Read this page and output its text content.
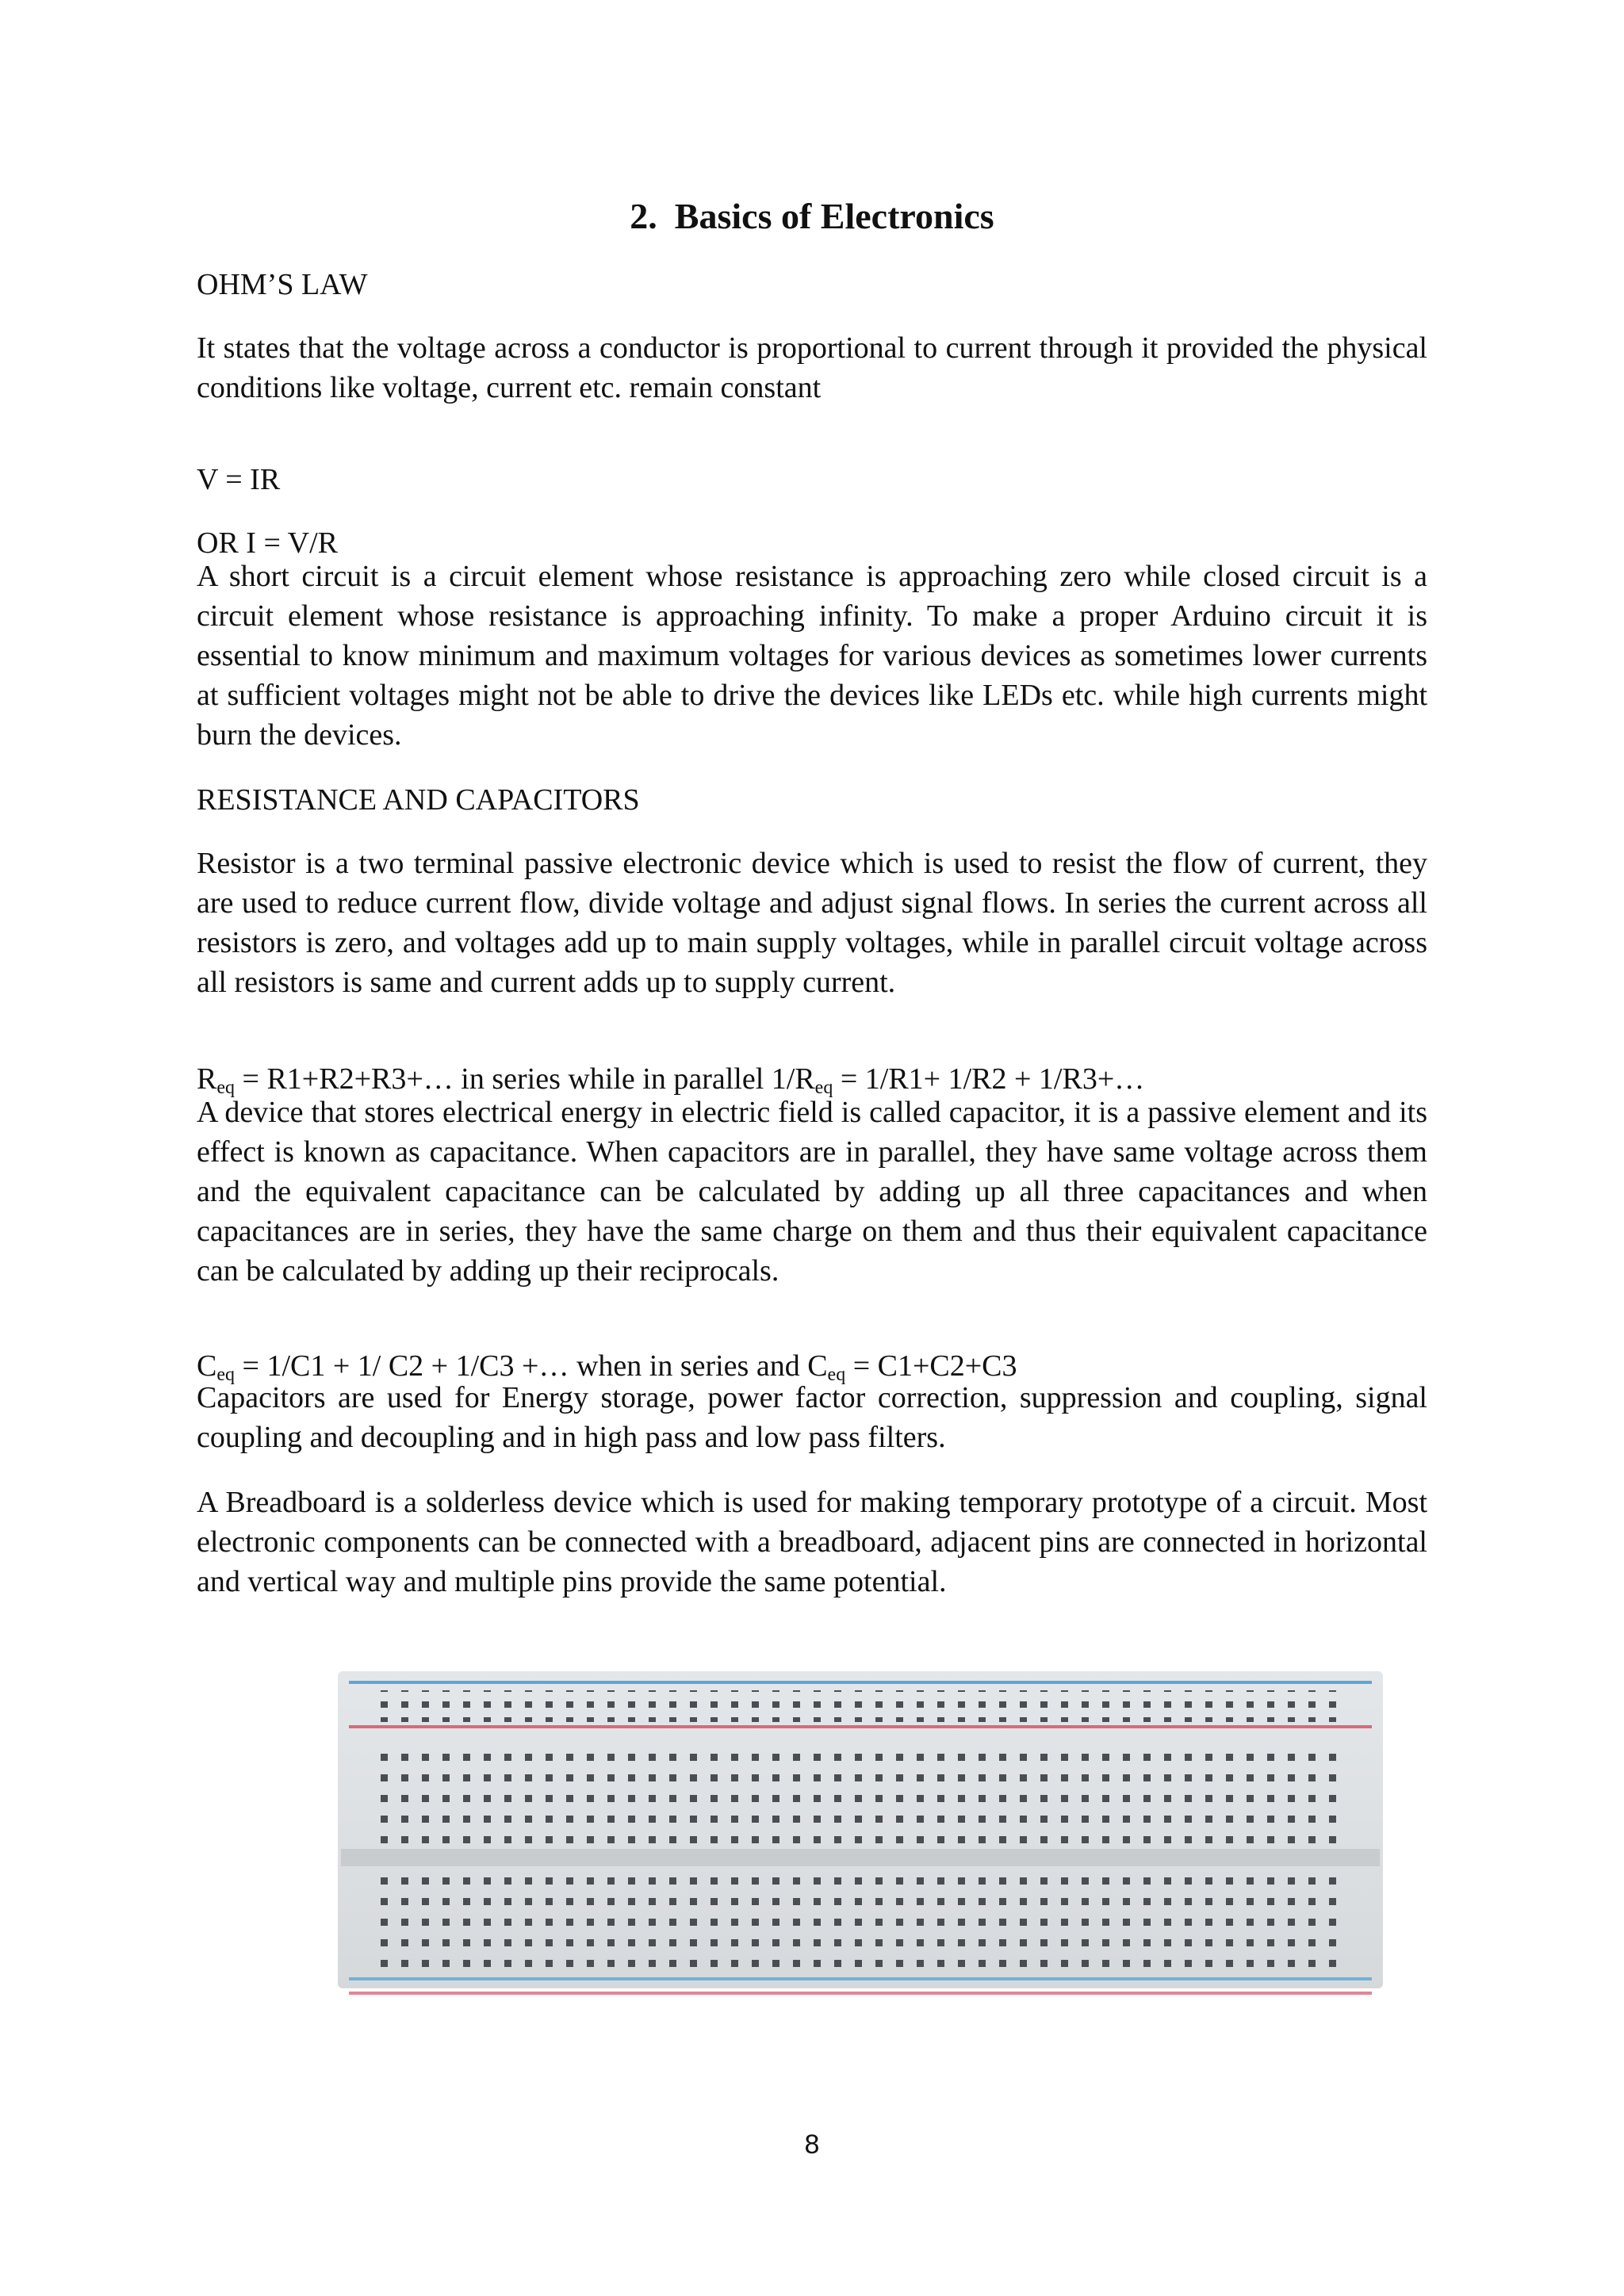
2. Basics of Electronics

OHM’S LAW

It states that the voltage across a conductor is proportional to current through it provided the physical conditions like voltage, current etc. remain constant

V = IR

OR I = V/R

A short circuit is a circuit element whose resistance is approaching zero while closed circuit is a circuit element whose resistance is approaching infinity. To make a proper Arduino circuit it is essential to know minimum and maximum voltages for various devices as sometimes lower currents at sufficient voltages might not be able to drive the devices like LEDs etc. while high currents might burn the devices.

RESISTANCE AND CAPACITORS

Resistor is a two terminal passive electronic device which is used to resist the flow of current, they are used to reduce current flow, divide voltage and adjust signal flows. In series the current across all resistors is zero, and voltages add up to main supply voltages, while in parallel circuit voltage across all resistors is same and current adds up to supply current.

$R_{eq}$ = R1+R2+R3+… in series while in parallel $1/R_{eq} = 1/R1+ 1/R2$ + 1/R3+…

A device that stores electrical energy in electric field is called capacitor, it is a passive element and its effect is known as capacitance. When capacitors are in parallel, they have same voltage across them and the equivalent capacitance can be calculated by adding up all three capacitances and when capacitances are in series, they have the same charge on them and thus their equivalent capacitance can be calculated by adding up their reciprocals.

$C_{eq} = 1/C1 + 1/$ C2 + 1/C3 +… when in series and $C_{eq} = C1+C2+C3$

Capacitors are used for Energy storage, power factor correction, suppression and coupling, signal coupling and decoupling and in high pass and low pass filters.

A Breadboard is a solderless device which is used for making temporary prototype of a circuit. Most electronic components can be connected with a breadboard, adjacent pins are connected in horizontal and vertical way and multiple pins provide the same potential.

8
